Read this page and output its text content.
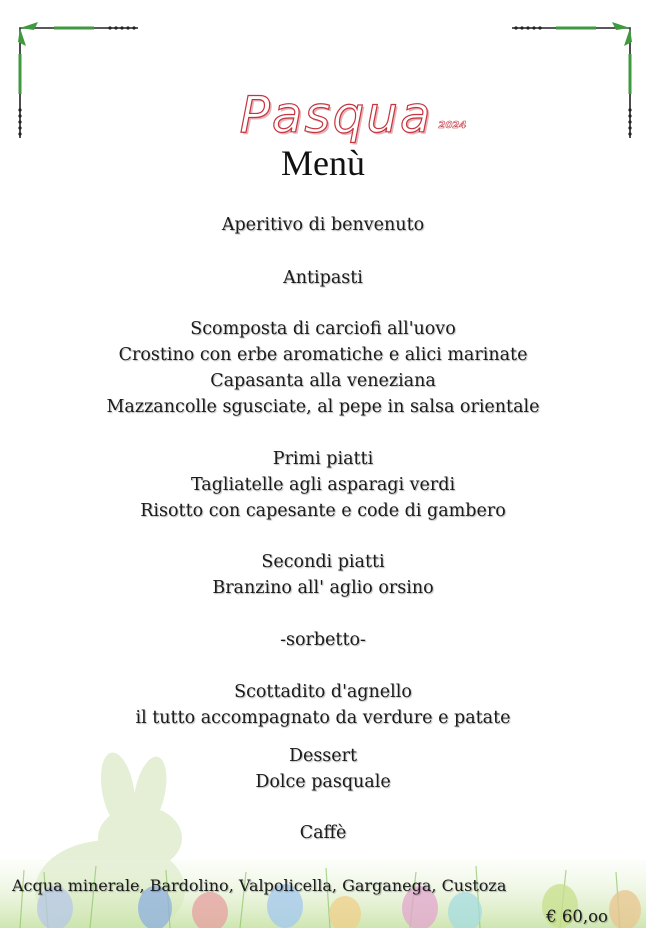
Pasqua $^{2024}$
Menù
Aperitivo di benvenuto
Antipasti
Scomposta di carciofi all'uovo
Crostino con erbe aromatiche e alici marinate
Capasanta alla veneziana
Mazzancolle sgusciate, al pepe in salsa orientale
Primi piatti
Tagliatelle agli asparagi verdi
Risotto con capesante e code di gambero
Secondi piatti
Branzino all' aglio orsino
-sorbetto-
Scottadito d'agnello
il tutto accompagnato da verdure e patate
Dessert
Dolce pasquale
Caffè
Acqua minerale, Bardolino, Valpolicella, Garganega, Custoza
€ 60,oo
